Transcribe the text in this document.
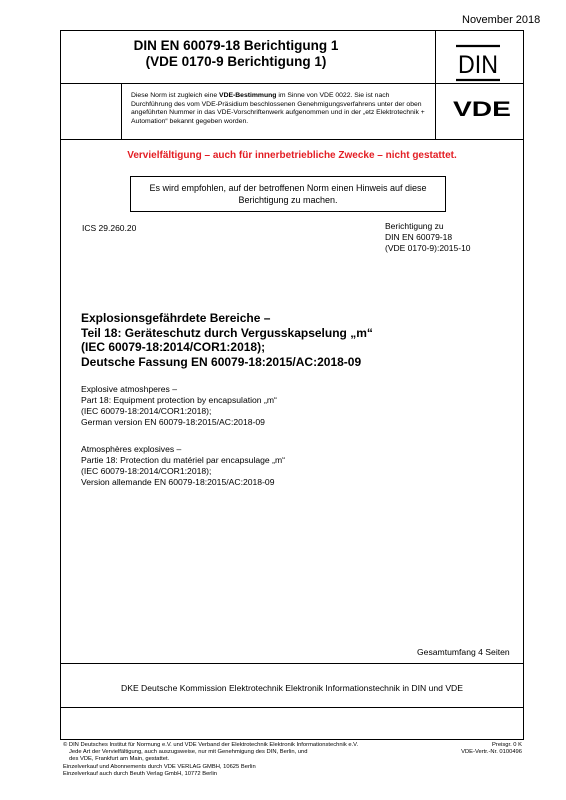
November 2018
DIN EN 60079-18 Berichtigung 1
(VDE 0170-9 Berichtigung 1)	DIN
Diese Norm ist zugleich eine VDE-Bestimmung im Sinne von VDE 0022. Sie ist nach Durchführung des vom VDE-Präsidium beschlossenen Genehmigungsverfahrens unter der oben angeführten Nummer in das VDE-Vorschriftenwerk aufgenommen und in der „etz Elektrotechnik + Automation“ bekannt gegeben worden.	VDE
Vervielfältigung – auch für innerbetriebliche Zwecke – nicht gestattet.
Es wird empfohlen, auf der betroffenen Norm einen Hinweis auf diese Berichtigung zu machen.
ICS 29.260.20	Berichtigung zu
DIN EN 60079-18
(VDE 0170-9):2015-10
Explosionsgefährdete Bereiche –
Teil 18: Geräteschutz durch Vergusskapselung „m“
(IEC 60079-18:2014/COR1:2018);
Deutsche Fassung EN 60079-18:2015/AC:2018-09
Explosive atmoshperes –
Part 18: Equipment protection by encapsulation „m“
(IEC 60079-18:2014/COR1:2018);
German version EN 60079-18:2015/AC:2018-09
Atmosphères explosives –
Partie 18: Protection du matériel par encapsulage „m“
(IEC 60079-18:2014/COR1:2018);
Version allemande EN 60079-18:2015/AC:2018-09
Gesamtumfang 4 Seiten
DKE Deutsche Kommission Elektrotechnik Elektronik Informationstechnik in DIN und VDE
© DIN Deutsches Institut für Normung e.V. und VDE Verband der Elektrotechnik Elektronik Informationstechnik e.V.
Jede Art der Vervielfältigung, auch auszugsweise, nur mit Genehmigung des DIN, Berlin, und
des VDE, Frankfurt am Main, gestattet.
Einzelverkauf und Abonnements durch VDE VERLAG GMBH, 10625 Berlin
Einzelverkauf auch durch Beuth Verlag GmbH, 10772 Berlin
Preisgr. 0 K
VDE-Vertr.-Nr. 0100496
